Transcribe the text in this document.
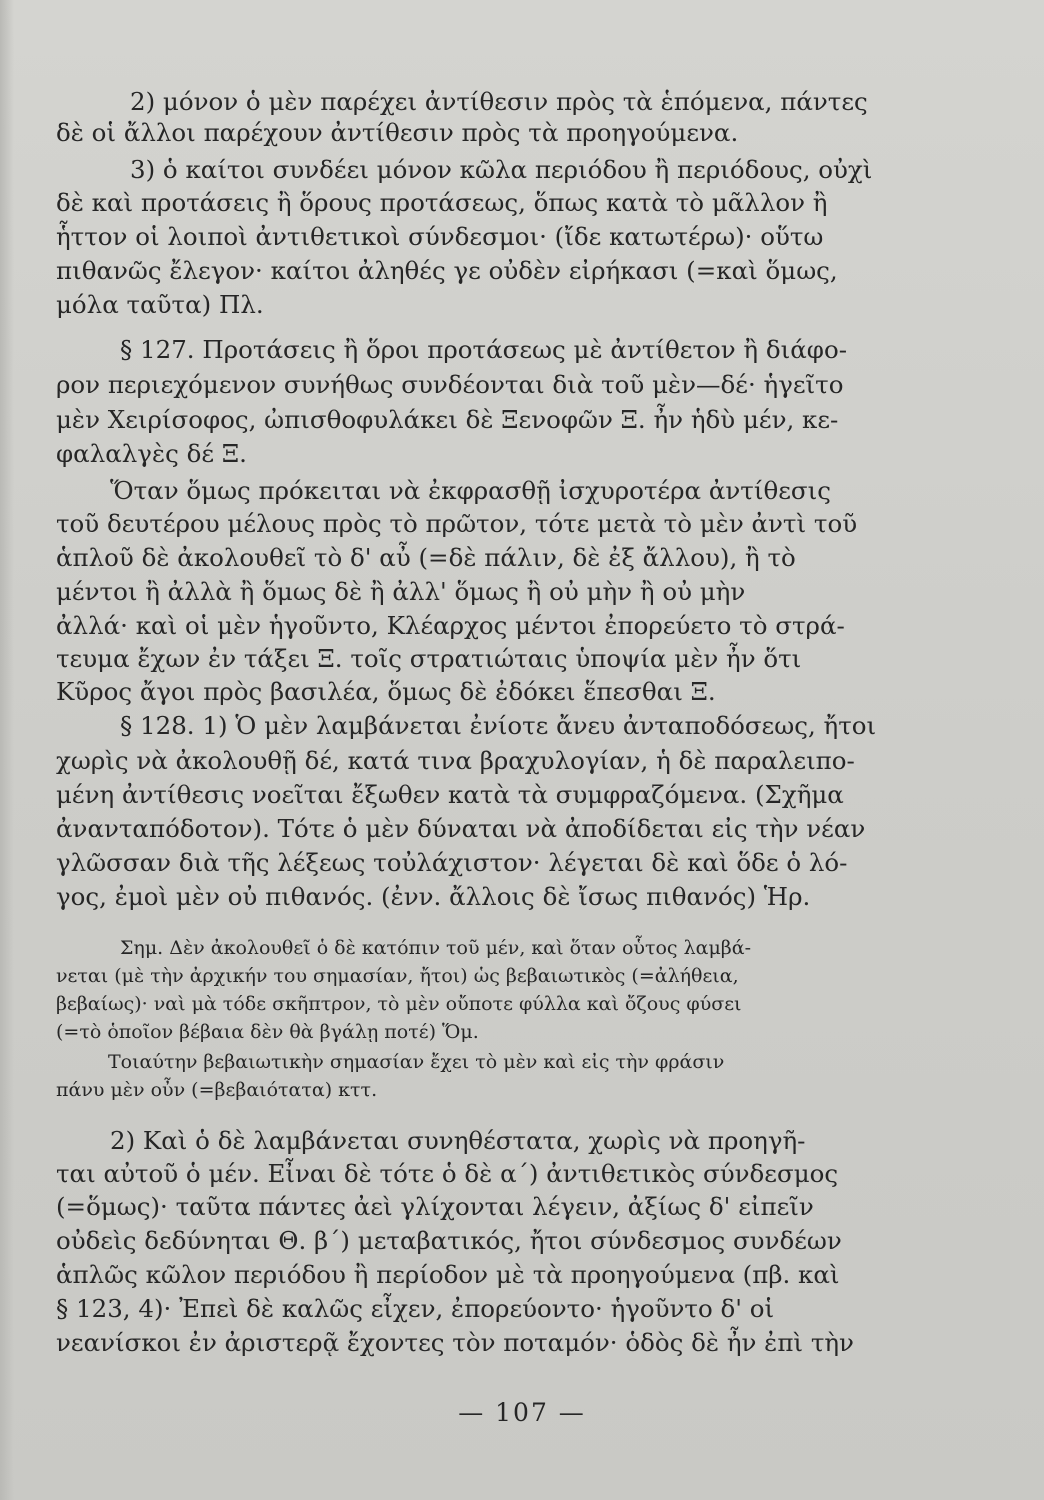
2) μόνον ὁ μὲν παρέχει ἀντίθεσιν πρὸς τὰ ἑπόμενα, πάντες
δὲ οἱ ἄλλοι παρέχουν ἀντίθεσιν πρὸς τὰ προηγούμενα.
3) ὁ καίτοι συνδέει μόνον κῶλα περιόδου ἢ περιόδους, οὐχὶ
δὲ καὶ προτάσεις ἢ ὅρους προτάσεως, ὅπως κατὰ τὸ μᾶλλον ἢ
ἧττον οἱ λοιποὶ ἀντιθετικοὶ σύνδεσμοι· (ἴδε κατωτέρω)· οὕτω
πιθανῶς ἔλεγον· καίτοι ἀληθές γε οὐδὲν εἰρήκασι (=καὶ ὅμως,
μόλα ταῦτα) Πλ.
§ 127. Προτάσεις ἢ ὅροι προτάσεως μὲ ἀντίθετον ἢ διάφο-
ρον περιεχόμενον συνήθως συνδέονται διὰ τοῦ μὲν—δέ· ἡγεῖτο
μὲν Χειρίσοφος, ὠπισθοφυλάκει δὲ Ξενοφῶν Ξ. ἦν ἡδὺ μέν, κε-
φαλαλγὲς δέ Ξ.
Ὅταν ὅμως πρόκειται νὰ ἐκφρασθῇ ἰσχυροτέρα ἀντίθεσις
τοῦ δευτέρου μέλους πρὸς τὸ πρῶτον, τότε μετὰ τὸ μὲν ἀντὶ τοῦ
ἁπλοῦ δὲ ἀκολουθεῖ τὸ δ' αὖ (=δὲ πάλιν, δὲ ἐξ ἄλλου), ἢ τὸ
μέντοι ἢ ἀλλὰ ἢ ὅμως δὲ ἢ ἀλλ' ὅμως ἢ οὐ μὴν ἢ οὐ μὴν
ἀλλά· καὶ οἱ μὲν ἡγοῦντο, Κλέαρχος μέντοι ἐπορεύετο τὸ στρά-
τευμα ἔχων ἐν τάξει Ξ. τοῖς στρατιώταις ὑποψία μὲν ἦν ὅτι
Κῦρος ἄγοι πρὸς βασιλέα, ὅμως δὲ ἐδόκει ἕπεσθαι Ξ.
§ 128. 1) Ὁ μὲν λαμβάνεται ἐνίοτε ἄνευ ἀνταποδόσεως, ἤτοι
χωρὶς νὰ ἀκολουθῇ δέ, κατά τινα βραχυλογίαν, ἡ δὲ παραλειπο-
μένη ἀντίθεσις νοεῖται ἔξωθεν κατὰ τὰ συμφραζόμενα. (Σχῆμα
ἀνανταπόδοτον). Τότε ὁ μὲν δύναται νὰ ἀποδίδεται εἰς τὴν νέαν
γλῶσσαν διὰ τῆς λέξεως τοὐλάχιστον· λέγεται δὲ καὶ ὅδε ὁ λό-
γος, ἐμοὶ μὲν οὐ πιθανός. (ἐνν. ἄλλοις δὲ ἴσως πιθανός) Ἡρ.
Σημ. Δὲν ἀκολουθεῖ ὁ δὲ κατόπιν τοῦ μέν, καὶ ὅταν οὗτος λαμβά-
νεται (μὲ τὴν ἀρχικήν του σημασίαν, ἤτοι) ὡς βεβαιωτικὸς (=ἀλήθεια,
βεβαίως)· ναὶ μὰ τόδε σκῆπτρον, τὸ μὲν οὔποτε φύλλα καὶ ὄζους φύσει
(=τὸ ὁποῖον βέβαια δὲν θὰ βγάλῃ ποτέ) Ὅμ.
Τοιαύτην βεβαιωτικὴν σημασίαν ἔχει τὸ μὲν καὶ εἰς τὴν φράσιν
πάνυ μὲν οὖν (=βεβαιότατα) κττ.
2) Καὶ ὁ δὲ λαμβάνεται συνηθέστατα, χωρὶς νὰ προηγῆ-
ται αὐτοῦ ὁ μέν. Εἶναι δὲ τότε ὁ δὲ α΄) ἀντιθετικὸς σύνδεσμος
(=ὅμως)· ταῦτα πάντες ἀεὶ γλίχονται λέγειν, ἀξίως δ' εἰπεῖν
οὐδεὶς δεδύνηται Θ. β΄) μεταβατικός, ἤτοι σύνδεσμος συνδέων
ἁπλῶς κῶλον περιόδου ἢ περίοδον μὲ τὰ προηγούμενα (πβ. καὶ
§ 123, 4)· Ἐπεὶ δὲ καλῶς εἶχεν, ἐπορεύοντο· ἡγοῦντο δ' οἱ
νεανίσκοι ἐν ἀριστερᾷ ἔχοντες τὸν ποταμόν· ὁδὸς δὲ ἦν ἐπὶ τὴν
— 107 —
